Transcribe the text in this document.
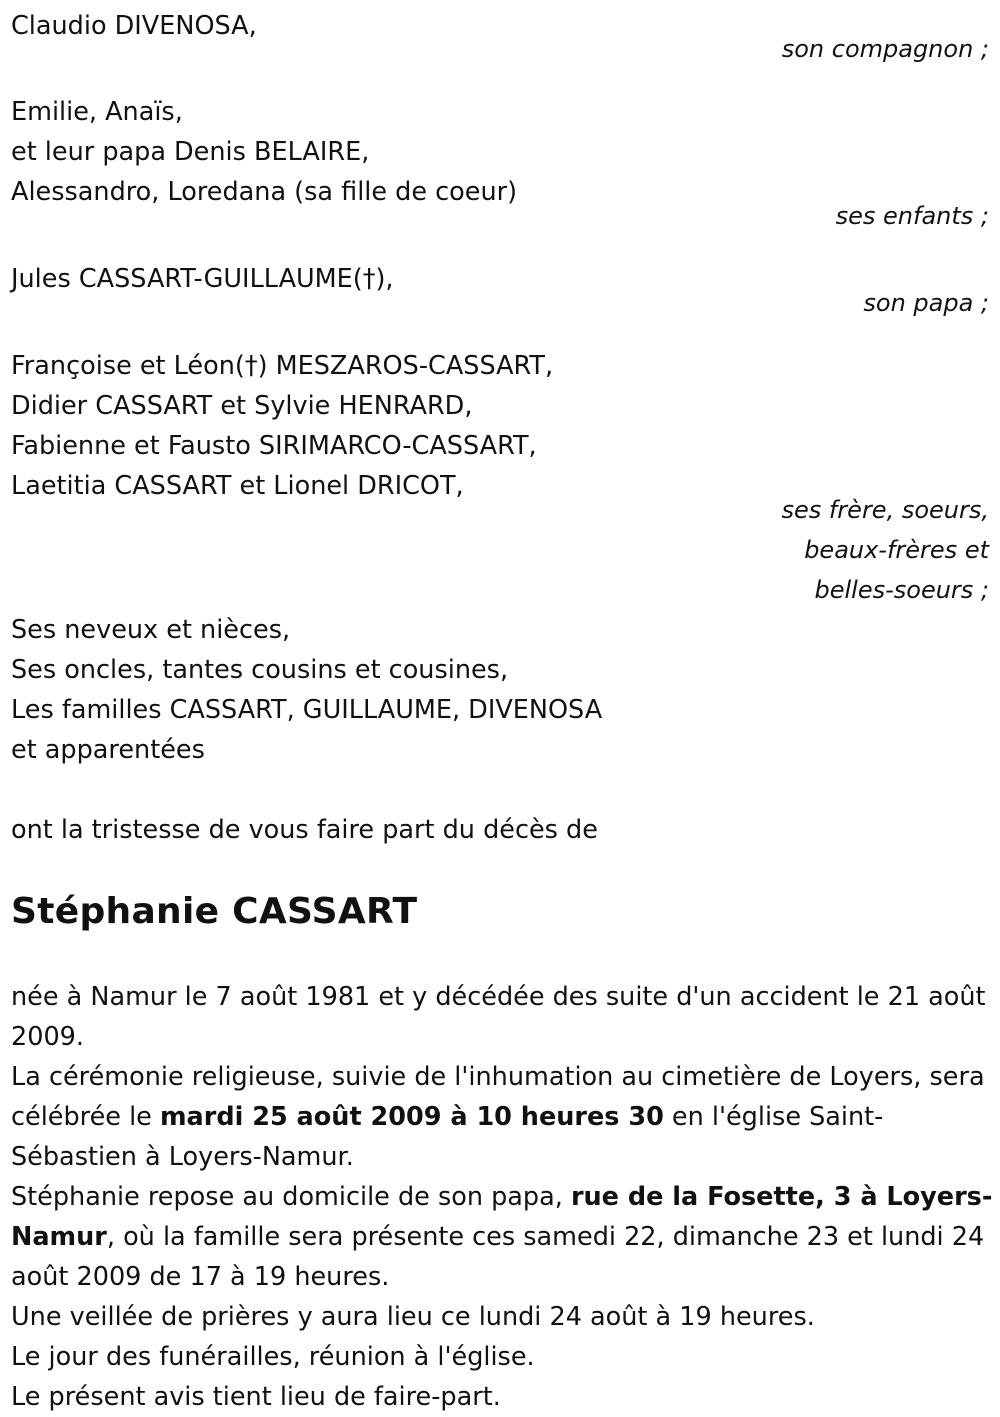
Claudio DIVENOSA,
son compagnon ;
Emilie, Anaïs,
et leur papa Denis BELAIRE,
Alessandro, Loredana (sa fille de coeur)
ses enfants ;
Jules CASSART-GUILLAUME(†),
son papa ;
Françoise et Léon(†) MESZAROS-CASSART,
Didier CASSART et Sylvie HENRARD,
Fabienne et Fausto SIRIMARCO-CASSART,
Laetitia CASSART et Lionel DRICOT,
ses frère, soeurs,
beaux-frères et
belles-soeurs ;
Ses neveux et nièces,
Ses oncles, tantes cousins et cousines,
Les familles CASSART, GUILLAUME, DIVENOSA
et apparentées
ont la tristesse de vous faire part du décès de
Stéphanie CASSART
née à Namur le 7 août 1981 et y décédée des suite d'un accident le 21 août 2009.
La cérémonie religieuse, suivie de l'inhumation au cimetière de Loyers, sera célébrée le mardi 25 août 2009 à 10 heures 30 en l'église Saint-Sébastien à Loyers-Namur.
Stéphanie repose au domicile de son papa, rue de la Fosette, 3 à Loyers-Namur, où la famille sera présente ces samedi 22, dimanche 23 et lundi 24 août 2009 de 17 à 19 heures.
Une veillée de prières y aura lieu ce lundi 24 août à 19 heures.
Le jour des funérailles, réunion à l'église.
Le présent avis tient lieu de faire-part.
